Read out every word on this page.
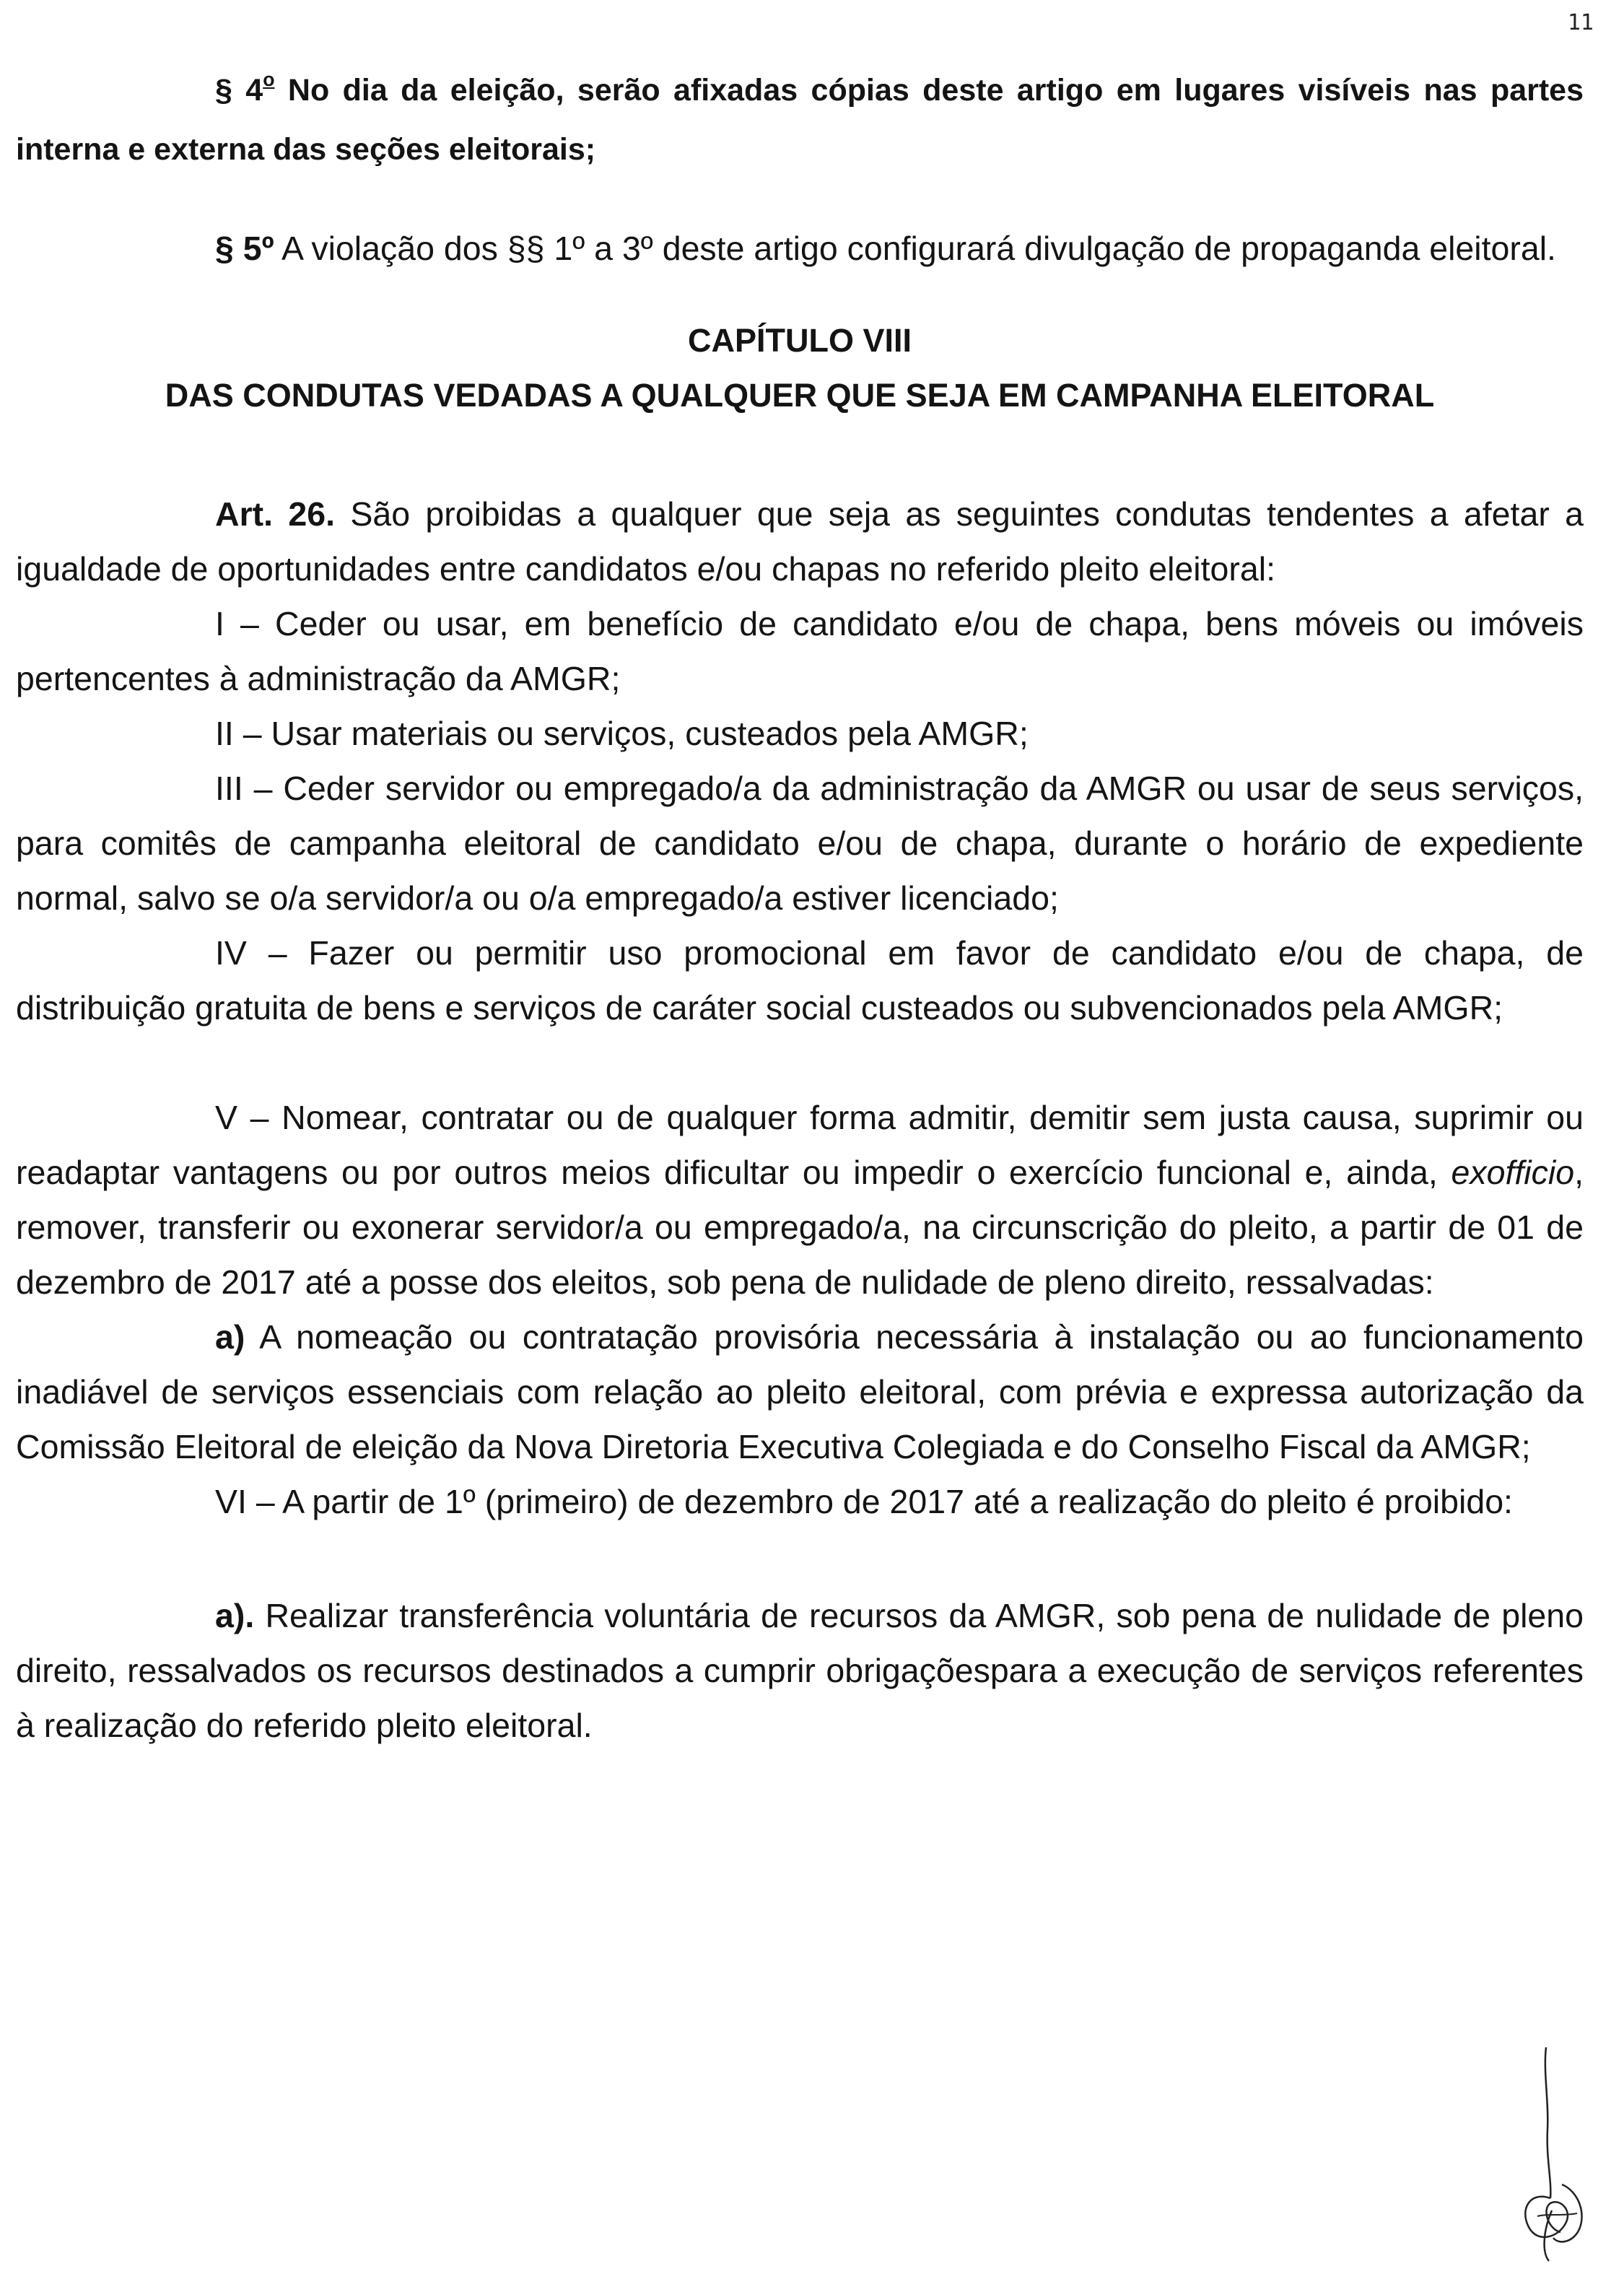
11

§ 4$^o$ No dia da eleição, serão afixadas cópias deste artigo em lugares visíveis nas partes interna e externa das seções eleitorais;

§ 5º A violação dos §§ 1º a 3º deste artigo configurará divulgação de propaganda eleitoral.

CAPÍTULO VIII

DAS CONDUTAS VEDADAS A QUALQUER QUE SEJA EM CAMPANHA ELEITORAL

Art. 26. São proibidas a qualquer que seja as seguintes condutas tendentes a afetar a igualdade de oportunidades entre candidatos e/ou chapas no referido pleito eleitoral:

I – Ceder ou usar, em benefício de candidato e/ou de chapa, bens móveis ou imóveis pertencentes à administração da AMGR;

II – Usar materiais ou serviços, custeados pela AMGR;

III – Ceder servidor ou empregado/a da administração da AMGR ou usar de seus serviços, para comitês de campanha eleitoral de candidato e/ou de chapa, durante o horário de expediente normal, salvo se o/a servidor/a ou o/a empregado/a estiver licenciado;

IV – Fazer ou permitir uso promocional em favor de candidato e/ou de chapa, de distribuição gratuita de bens e serviços de caráter social custeados ou subvencionados pela AMGR;

V – Nomear, contratar ou de qualquer forma admitir, demitir sem justa causa, suprimir ou readaptar vantagens ou por outros meios dificultar ou impedir o exercício funcional e, ainda, exofficio, remover, transferir ou exonerar servidor/a ou empregado/a, na circunscrição do pleito, a partir de 01 de dezembro de 2017 até a posse dos eleitos, sob pena de nulidade de pleno direito, ressalvadas:

a) A nomeação ou contratação provisória necessária à instalação ou ao funcionamento inadiável de serviços essenciais com relação ao pleito eleitoral, com prévia e expressa autorização da Comissão Eleitoral de eleição da Nova Diretoria Executiva Colegiada e do Conselho Fiscal da AMGR;

VI – A partir de 1º (primeiro) de dezembro de 2017 até a realização do pleito é proibido:

a). Realizar transferência voluntária de recursos da AMGR, sob pena de nulidade de pleno direito, ressalvados os recursos destinados a cumprir obrigaçõespara a execução de serviços referentes à realização do referido pleito eleitoral.
